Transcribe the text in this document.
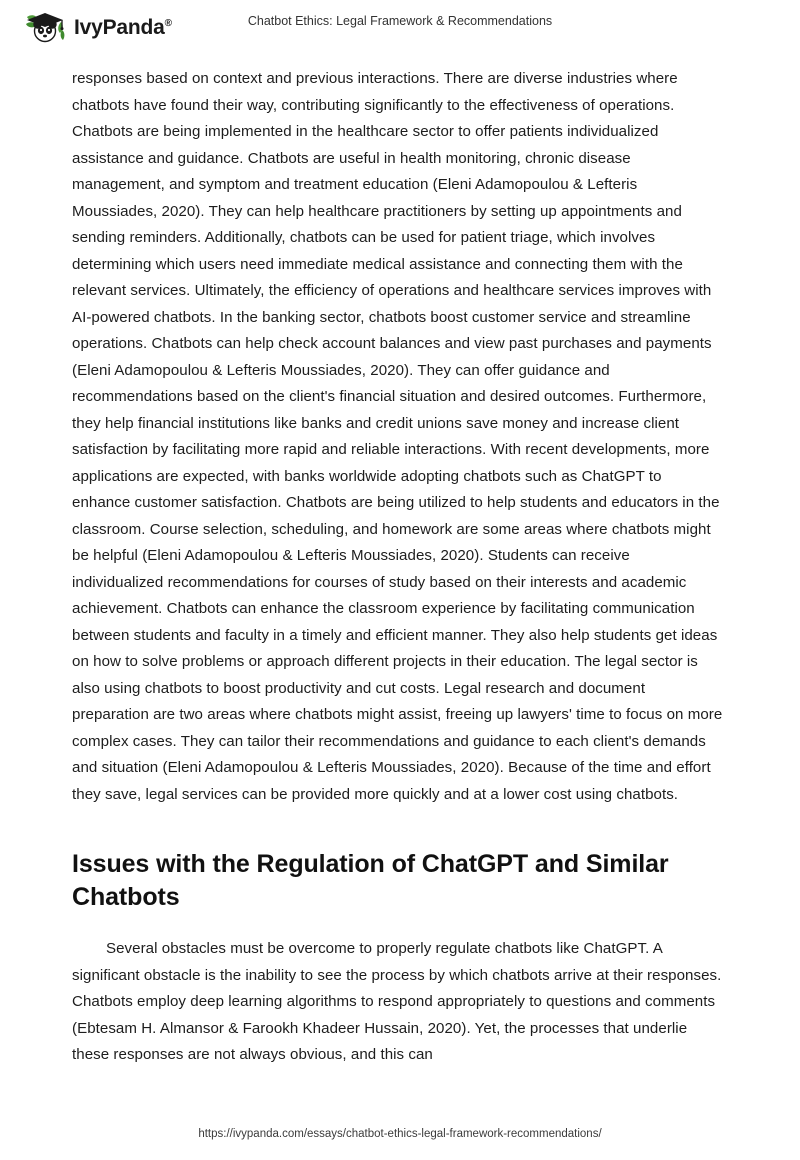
IvyPanda®	Chatbot Ethics: Legal Framework & Recommendations

responses based on context and previous interactions. There are diverse industries where chatbots have found their way, contributing significantly to the effectiveness of operations. Chatbots are being implemented in the healthcare sector to offer patients individualized assistance and guidance. Chatbots are useful in health monitoring, chronic disease management, and symptom and treatment education (Eleni Adamopoulou & Lefteris Moussiades, 2020). They can help healthcare practitioners by setting up appointments and sending reminders. Additionally, chatbots can be used for patient triage, which involves determining which users need immediate medical assistance and connecting them with the relevant services. Ultimately, the efficiency of operations and healthcare services improves with AI-powered chatbots. In the banking sector, chatbots boost customer service and streamline operations. Chatbots can help check account balances and view past purchases and payments (Eleni Adamopoulou & Lefteris Moussiades, 2020). They can offer guidance and recommendations based on the client's financial situation and desired outcomes. Furthermore, they help financial institutions like banks and credit unions save money and increase client satisfaction by facilitating more rapid and reliable interactions. With recent developments, more applications are expected, with banks worldwide adopting chatbots such as ChatGPT to enhance customer satisfaction. Chatbots are being utilized to help students and educators in the classroom. Course selection, scheduling, and homework are some areas where chatbots might be helpful (Eleni Adamopoulou & Lefteris Moussiades, 2020). Students can receive individualized recommendations for courses of study based on their interests and academic achievement. Chatbots can enhance the classroom experience by facilitating communication between students and faculty in a timely and efficient manner. They also help students get ideas on how to solve problems or approach different projects in their education. The legal sector is also using chatbots to boost productivity and cut costs. Legal research and document preparation are two areas where chatbots might assist, freeing up lawyers' time to focus on more complex cases. They can tailor their recommendations and guidance to each client's demands and situation (Eleni Adamopoulou & Lefteris Moussiades, 2020). Because of the time and effort they save, legal services can be provided more quickly and at a lower cost using chatbots.

Issues with the Regulation of ChatGPT and Similar Chatbots

Several obstacles must be overcome to properly regulate chatbots like ChatGPT. A significant obstacle is the inability to see the process by which chatbots arrive at their responses. Chatbots employ deep learning algorithms to respond appropriately to questions and comments (Ebtesam H. Almansor & Farookh Khadeer Hussain, 2020). Yet, the processes that underlie these responses are not always obvious, and this can

https://ivypanda.com/essays/chatbot-ethics-legal-framework-recommendations/
